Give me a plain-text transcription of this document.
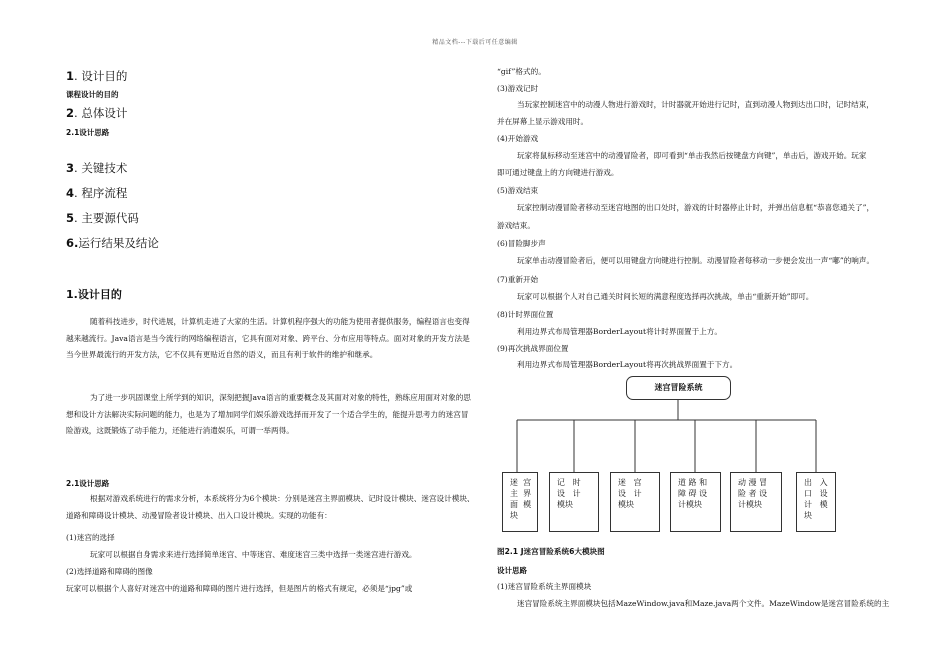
精品文档---下载后可任意编辑
1. 设计目的
课程设计的目的
2. 总体设计
2.1设计思路
3. 关键技术
4. 程序流程
5. 主要源代码
6.运行结果及结论
1.设计目的
随着科技进步，时代进展，计算机走进了大家的生活。计算机程序强大的功能为使用者提供服务，编程语言也变得越来越流行。Java语言是当今流行的网络编程语言，它具有面对对象、跨平台、分布应用等特点。面对对象的开发方法是当今世界最流行的开发方法，它不仅具有更贴近自然的语义，而且有利于软件的维护和继承。
为了进一步巩固课堂上所学到的知识，深刻把握Java语言的重要概念及其面对对象的特性，熟练应用面对对象的思想和设计方法解决实际问题的能力，也是为了增加同学们娱乐游戏选择而开发了一个适合学生的，能提升思考力的迷宫冒险游戏，这既锻炼了动手能力，还能进行消遣娱乐，可谓一举两得。
2.1设计思路
根据对游戏系统进行的需求分析，本系统将分为6个模块：分别是迷宫主界面模块、记时设计模块、迷宫设计模块、道路和障碍设计模块、动漫冒险者设计模块、出入口设计模块。实现的功能有：
(1)迷宫的选择
玩家可以根据自身需求来进行选择简单迷宫、中等迷宫、难度迷宫三类中选择一类迷宫进行游戏。
(2)选择道路和障碍的图像
玩家可以根据个人喜好对迷宫中的道路和障碍的图片进行选择，但是图片的格式有规定，必须是“jpg”或
“gif”格式的。
(3)游戏记时
当玩家控制迷宫中的动漫人物进行游戏时，计时器就开始进行记时，直到动漫人物到达出口时，记时结束，
并在屏幕上显示游戏用时。
(4)开始游戏
玩家将鼠标移动至迷宫中的动漫冒险者，即可看到“单击我然后按键盘方向键”，单击后，游戏开始。玩家
即可通过键盘上的方向键进行游戏。
(5)游戏结束
玩家控制动漫冒险者移动至迷宫地图的出口处时，游戏的计时器停止计时，并弹出信息框“恭喜您通关了”，
游戏结束。
(6)冒险脚步声
玩家单击动漫冒险者后，便可以用键盘方向键进行控制。动漫冒险者每移动一步便会发出一声“嘟”的响声。
(7)重新开始
玩家可以根据个人对自己通关时间长短的满意程度选择再次挑战，单击“重新开始”即可。
(8)计时界面位置
利用边界式布局管理器BorderLayout将计时界面置于上方。
(9)再次挑战界面位置
利用边界式布局管理器BorderLayout将再次挑战界面置于下方。
迷宫冒险系统
迷  宫
主  界
面  模
块
记   时
设   计
模块
迷   宫
设   计
模块
道 路 和
障 碍 设
计模块
动 漫 冒
险 者 设
计模块
出   入
口   设
计   模
块
图2.1 J迷宫冒险系统6大模块图
设计思路
(1)迷宫冒险系统主界面模块
迷宫冒险系统主界面模块包括MazeWindow.java和Maze.java两个文件。MazeWindow是迷宫冒险系统的主
